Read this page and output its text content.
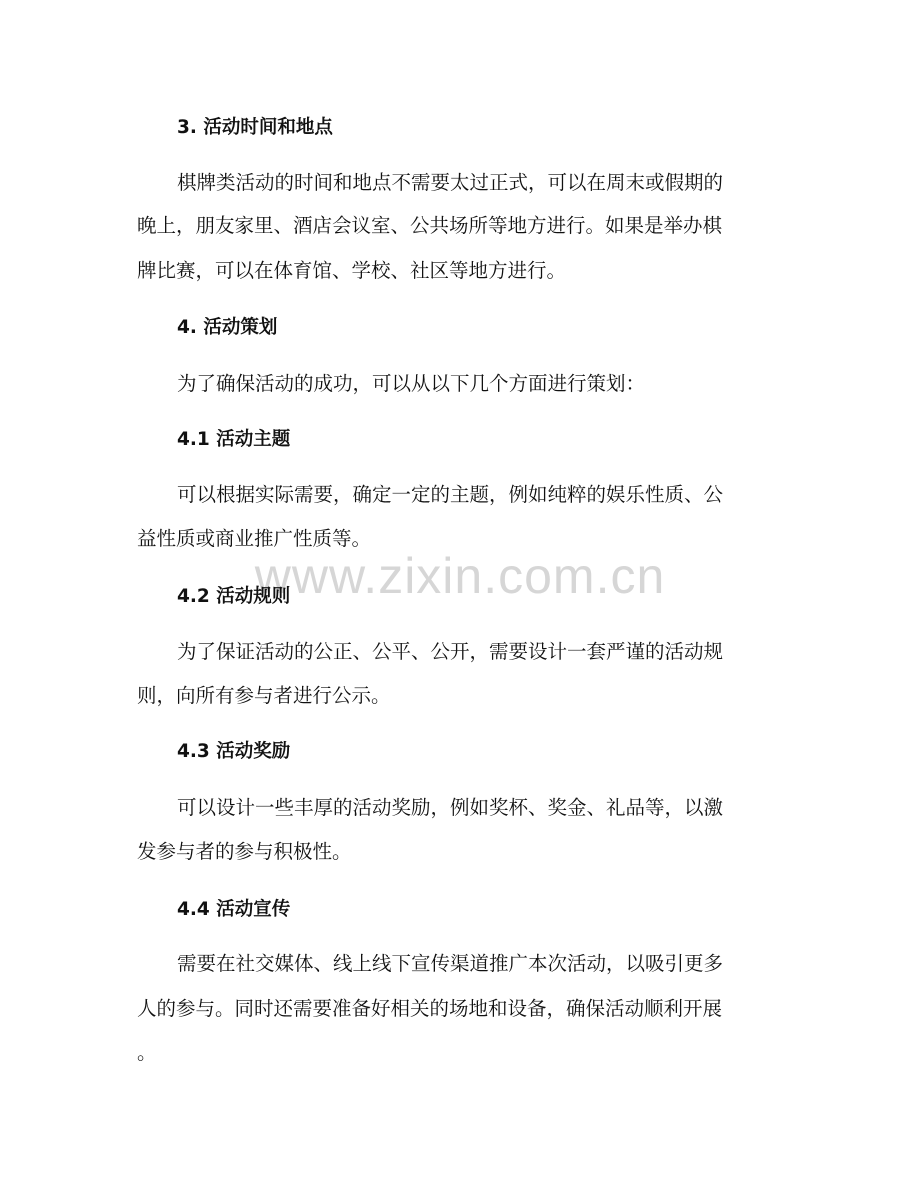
www.zixin.com.cn
3. 活动时间和地点
棋牌类活动的时间和地点不需要太过正式，可以在周末或假期的
晚上，朋友家里、酒店会议室、公共场所等地方进行。如果是举办棋
牌比赛，可以在体育馆、学校、社区等地方进行。
4. 活动策划
为了确保活动的成功，可以从以下几个方面进行策划：
4.1 活动主题
可以根据实际需要，确定一定的主题，例如纯粹的娱乐性质、公
益性质或商业推广性质等。
4.2 活动规则
为了保证活动的公正、公平、公开，需要设计一套严谨的活动规
则，向所有参与者进行公示。
4.3 活动奖励
可以设计一些丰厚的活动奖励，例如奖杯、奖金、礼品等，以激
发参与者的参与积极性。
4.4 活动宣传
需要在社交媒体、线上线下宣传渠道推广本次活动，以吸引更多
人的参与。同时还需要准备好相关的场地和设备，确保活动顺利开展
。
